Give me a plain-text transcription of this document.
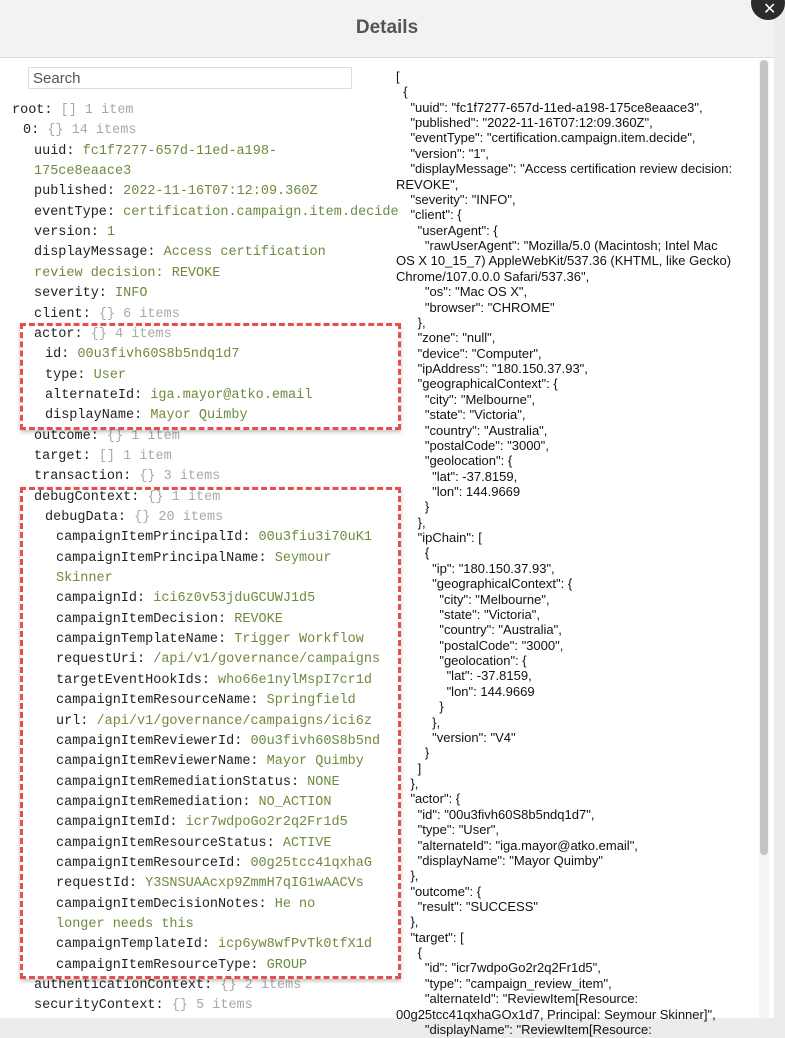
Details
Search
root: [] 1 item
0: {} 14 items
uuid: fc1f7277-657d-11ed-a198-
175ce8eaace3
published: 2022-11-16T07:12:09.360Z
eventType: certification.campaign.item.decide
version: 1
displayMessage: Access certification
review decision: REVOKE
severity: INFO
client: {} 6 items
actor: {} 4 items
id: 00u3fivh60S8b5ndq1d7
type: User
alternateId: iga.mayor@atko.email
displayName: Mayor Quimby
outcome: {} 1 item
target: [] 1 item
transaction: {} 3 items
debugContext: {} 1 item
debugData: {} 20 items
campaignItemPrincipalId: 00u3fiu3i70uK1
campaignItemPrincipalName: Seymour
Skinner
campaignId: ici6z0v53jduGCUWJ1d5
campaignItemDecision: REVOKE
campaignTemplateName: Trigger Workflow
requestUri: /api/v1/governance/campaigns
targetEventHookIds: who66e1nylMspI7cr1d
campaignItemResourceName: Springfield
url: /api/v1/governance/campaigns/ici6z
campaignItemReviewerId: 00u3fivh60S8b5nd
campaignItemReviewerName: Mayor Quimby
campaignItemRemediationStatus: NONE
campaignItemRemediation: NO_ACTION
campaignItemId: icr7wdpoGo2r2q2Fr1d5
campaignItemResourceStatus: ACTIVE
campaignItemResourceId: 00g25tcc41qxhaG
requestId: Y3SNSUAAcxp9ZmmH7qIG1wAACVs
campaignItemDecisionNotes: He no
longer needs this
campaignTemplateId: icp6yw8wfPvTk0tfX1d
campaignItemResourceType: GROUP
authenticationContext: {} 2 items
securityContext: {} 5 items
[
{
"uuid": "fc1f7277-657d-11ed-a198-175ce8eaace3",
"published": "2022-11-16T07:12:09.360Z",
"eventType": "certification.campaign.item.decide",
"version": "1",
"displayMessage": "Access certification review decision:
REVOKE",
"severity": "INFO",
"client": {
"userAgent": {
"rawUserAgent": "Mozilla/5.0 (Macintosh; Intel Mac
OS X 10_15_7) AppleWebKit/537.36 (KHTML, like Gecko)
Chrome/107.0.0.0 Safari/537.36",
"os": "Mac OS X",
"browser": "CHROME"
},
"zone": "null",
"device": "Computer",
"ipAddress": "180.150.37.93",
"geographicalContext": {
"city": "Melbourne",
"state": "Victoria",
"country": "Australia",
"postalCode": "3000",
"geolocation": {
"lat": -37.8159,
"lon": 144.9669
}
},
"ipChain": [
{
"ip": "180.150.37.93",
"geographicalContext": {
"city": "Melbourne",
"state": "Victoria",
"country": "Australia",
"postalCode": "3000",
"geolocation": {
"lat": -37.8159,
"lon": 144.9669
}
},
"version": "V4"
}
]
},
"actor": {
"id": "00u3fivh60S8b5ndq1d7",
"type": "User",
"alternateId": "iga.mayor@atko.email",
"displayName": "Mayor Quimby"
},
"outcome": {
"result": "SUCCESS"
},
"target": [
{
"id": "icr7wdpoGo2r2q2Fr1d5",
"type": "campaign_review_item",
"alternateId": "ReviewItem[Resource:
00g25tcc41qxhaGOx1d7, Principal: Seymour Skinner]",
"displayName": "ReviewItem[Resource:
✕
